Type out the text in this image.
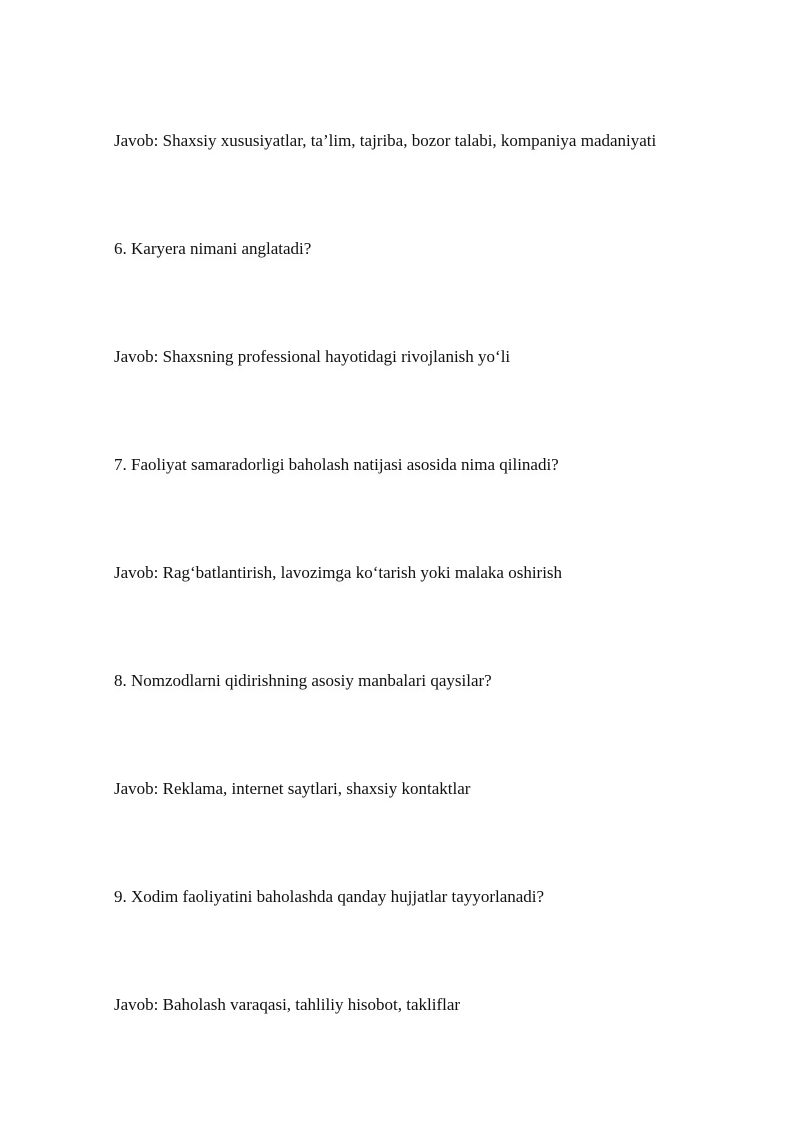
Javob: Shaxsiy xususiyatlar, ta’lim, tajriba, bozor talabi, kompaniya madaniyati

6. Karyera nimani anglatadi?

Javob: Shaxsning professional hayotidagi rivojlanish yo‘li

7. Faoliyat samaradorligi baholash natijasi asosida nima qilinadi?

Javob: Rag‘batlantirish, lavozimga ko‘tarish yoki malaka oshirish

8. Nomzodlarni qidirishning asosiy manbalari qaysilar?

Javob: Reklama, internet saytlari, shaxsiy kontaktlar

9. Xodim faoliyatini baholashda qanday hujjatlar tayyorlanadi?

Javob: Baholash varaqasi, tahliliy hisobot, takliflar
